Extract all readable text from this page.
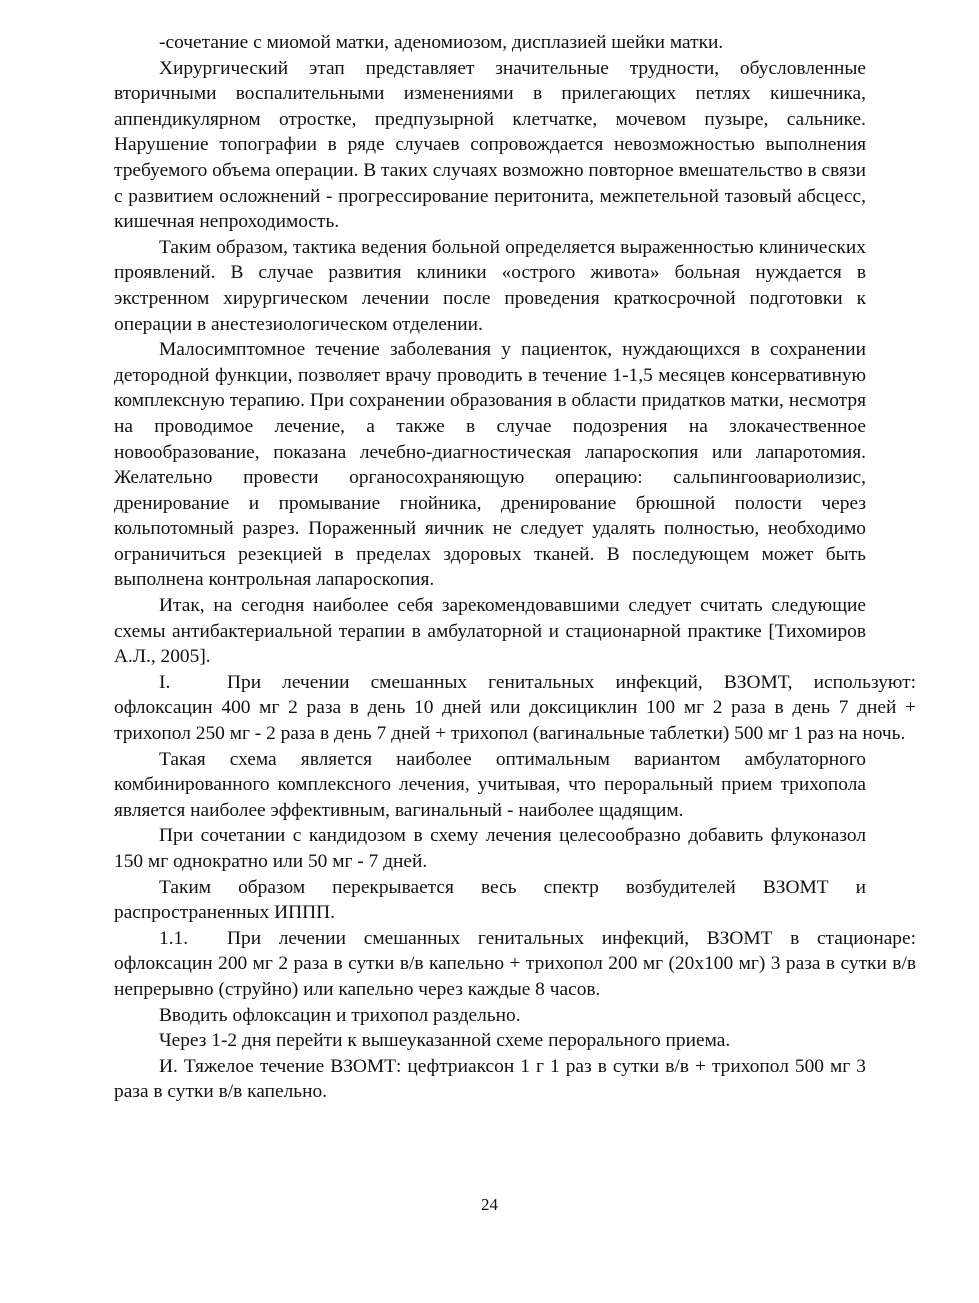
-сочетание с миомой матки, аденомиозом, дисплазией шейки матки.

Хирургический этап представляет значительные трудности, обусловленные вторичными воспалительными изменениями в прилегающих петлях кишечника, аппендикулярном отростке, предпузырной клетчатке, мочевом пузыре, сальнике. Нарушение топографии в ряде случаев сопровождается невозможностью выполнения требуемого объема операции. В таких случаях возможно повторное вмешательство в связи с развитием осложнений - прогрессирование перитонита, межпетельной тазовый абсцесс, кишечная непроходимость.

Таким образом, тактика ведения больной определяется выраженностью клинических проявлений. В случае развития клиники «острого живота» больная нуждается в экстренном хирургическом лечении после проведения краткосрочной подготовки к операции в анестезиологическом отделении.

Малосимптомное течение заболевания у пациенток, нуждающихся в сохранении детородной функции, позволяет врачу проводить в течение 1-1,5 месяцев консервативную комплексную терапию. При сохранении образования в области придатков матки, несмотря на проводимое лечение, а также в случае подозрения на злокачественное новообразование, показана лечебно-диагностическая лапароскопия или лапаротомия. Желательно провести органосохраняющую операцию: сальпингоовариолизис, дренирование и промывание гнойника, дренирование брюшной полости через кольпотомный разрез. Пораженный яичник не следует удалять полностью, необходимо ограничиться резекцией в пределах здоровых тканей. В последующем может быть выполнена контрольная лапароскопия.

Итак, на сегодня наиболее себя зарекомендовавшими следует считать следующие схемы антибактериальной терапии в амбулаторной и стационарной практике [Тихомиров А.Л., 2005].

I.	При лечении смешанных генитальных инфекций, ВЗОМТ, используют: офлоксацин 400 мг 2 раза в день 10 дней или доксициклин 100 мг 2 раза в день 7 дней + трихопол 250 мг - 2 раза в день 7 дней + трихопол (вагинальные таблетки) 500 мг 1 раз на ночь.

Такая схема является наиболее оптимальным вариантом амбулаторного комбинированного комплексного лечения, учитывая, что пероральный прием трихопола является наиболее эффективным, вагинальный - наиболее щадящим.

При сочетании с кандидозом в схему лечения целесообразно добавить флуконазол 150 мг однократно или 50 мг - 7 дней.

Таким образом перекрывается весь спектр возбудителей ВЗОМТ и распространенных ИППП.

1.1. При лечении смешанных генитальных инфекций, ВЗОМТ в стационаре: офлоксацин 200 мг 2 раза в сутки в/в капельно + трихопол 200 мг (20х100 мг) 3 раза в сутки в/в непрерывно (струйно) или капельно через каждые 8 часов.

Вводить офлоксацин и трихопол раздельно.

Через 1-2 дня перейти к вышеуказанной схеме перорального приема.

И. Тяжелое течение ВЗОМТ: цефтриаксон 1 г 1 раз в сутки в/в + трихопол 500 мг 3 раза в сутки в/в капельно.

24
